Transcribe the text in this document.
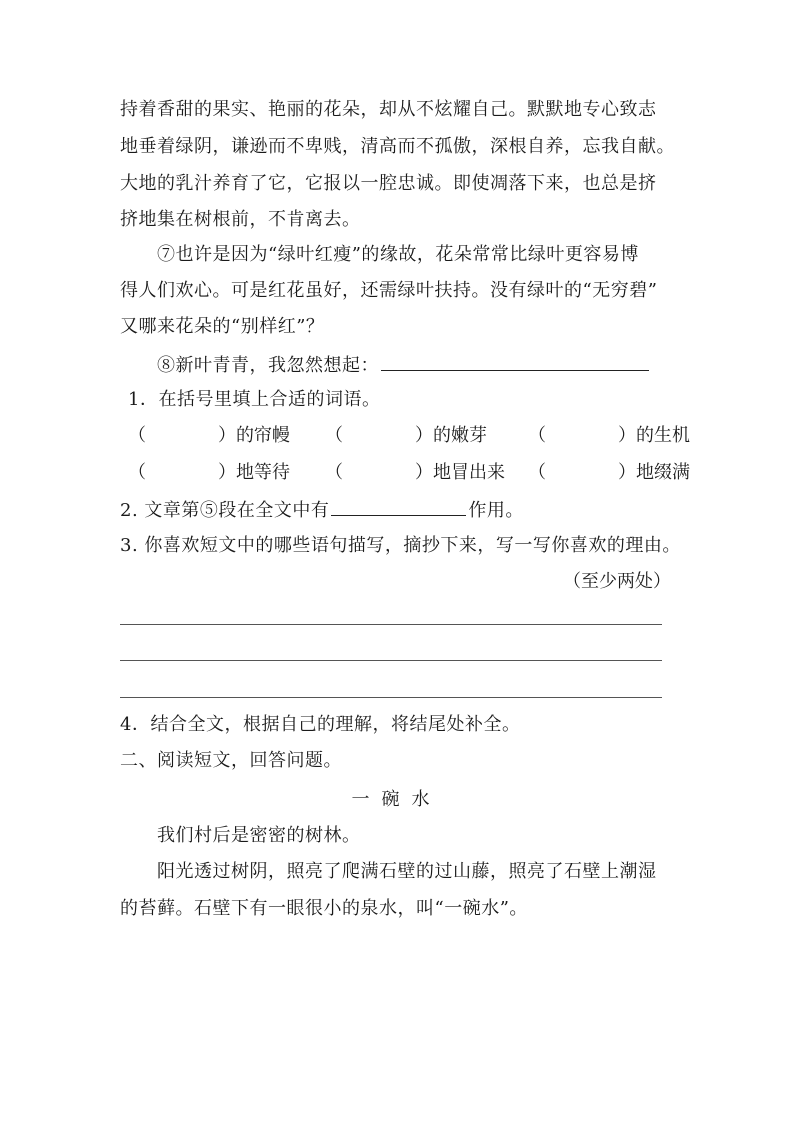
持着香甜的果实、艳丽的花朵，却从不炫耀自己。默默地专心致志
地垂着绿阴，谦逊而不卑贱，清高而不孤傲，深根自养，忘我自献。
大地的乳汁养育了它，它报以一腔忠诚。即使凋落下来，也总是挤
挤地集在树根前，不肯离去。
⑦也许是因为“绿叶红瘦”的缘故，花朵常常比绿叶更容易博
得人们欢心。可是红花虽好，还需绿叶扶持。没有绿叶的“无穷碧”
又哪来花朵的“别样红”？
⑧新叶青青，我忽然想起：
1．在括号里填上合适的词语。
（　　　　）的帘幔 （　　　　）的嫩芽 （　　　　）的生机
（　　　　）地等待 （　　　　）地冒出来 （　　　　）地缀满
2. 文章第⑤段在全文中有	作用。
3. 你喜欢短文中的哪些语句描写，摘抄下来，写一写你喜欢的理由。
（至少两处）
4．结合全文，根据自己的理解，将结尾处补全。
二、阅读短文，回答问题。
一碗水
我们村后是密密的树林。
阳光透过树阴，照亮了爬满石壁的过山藤，照亮了石壁上潮湿
的苔藓。石壁下有一眼很小的泉水，叫“一碗水”。
